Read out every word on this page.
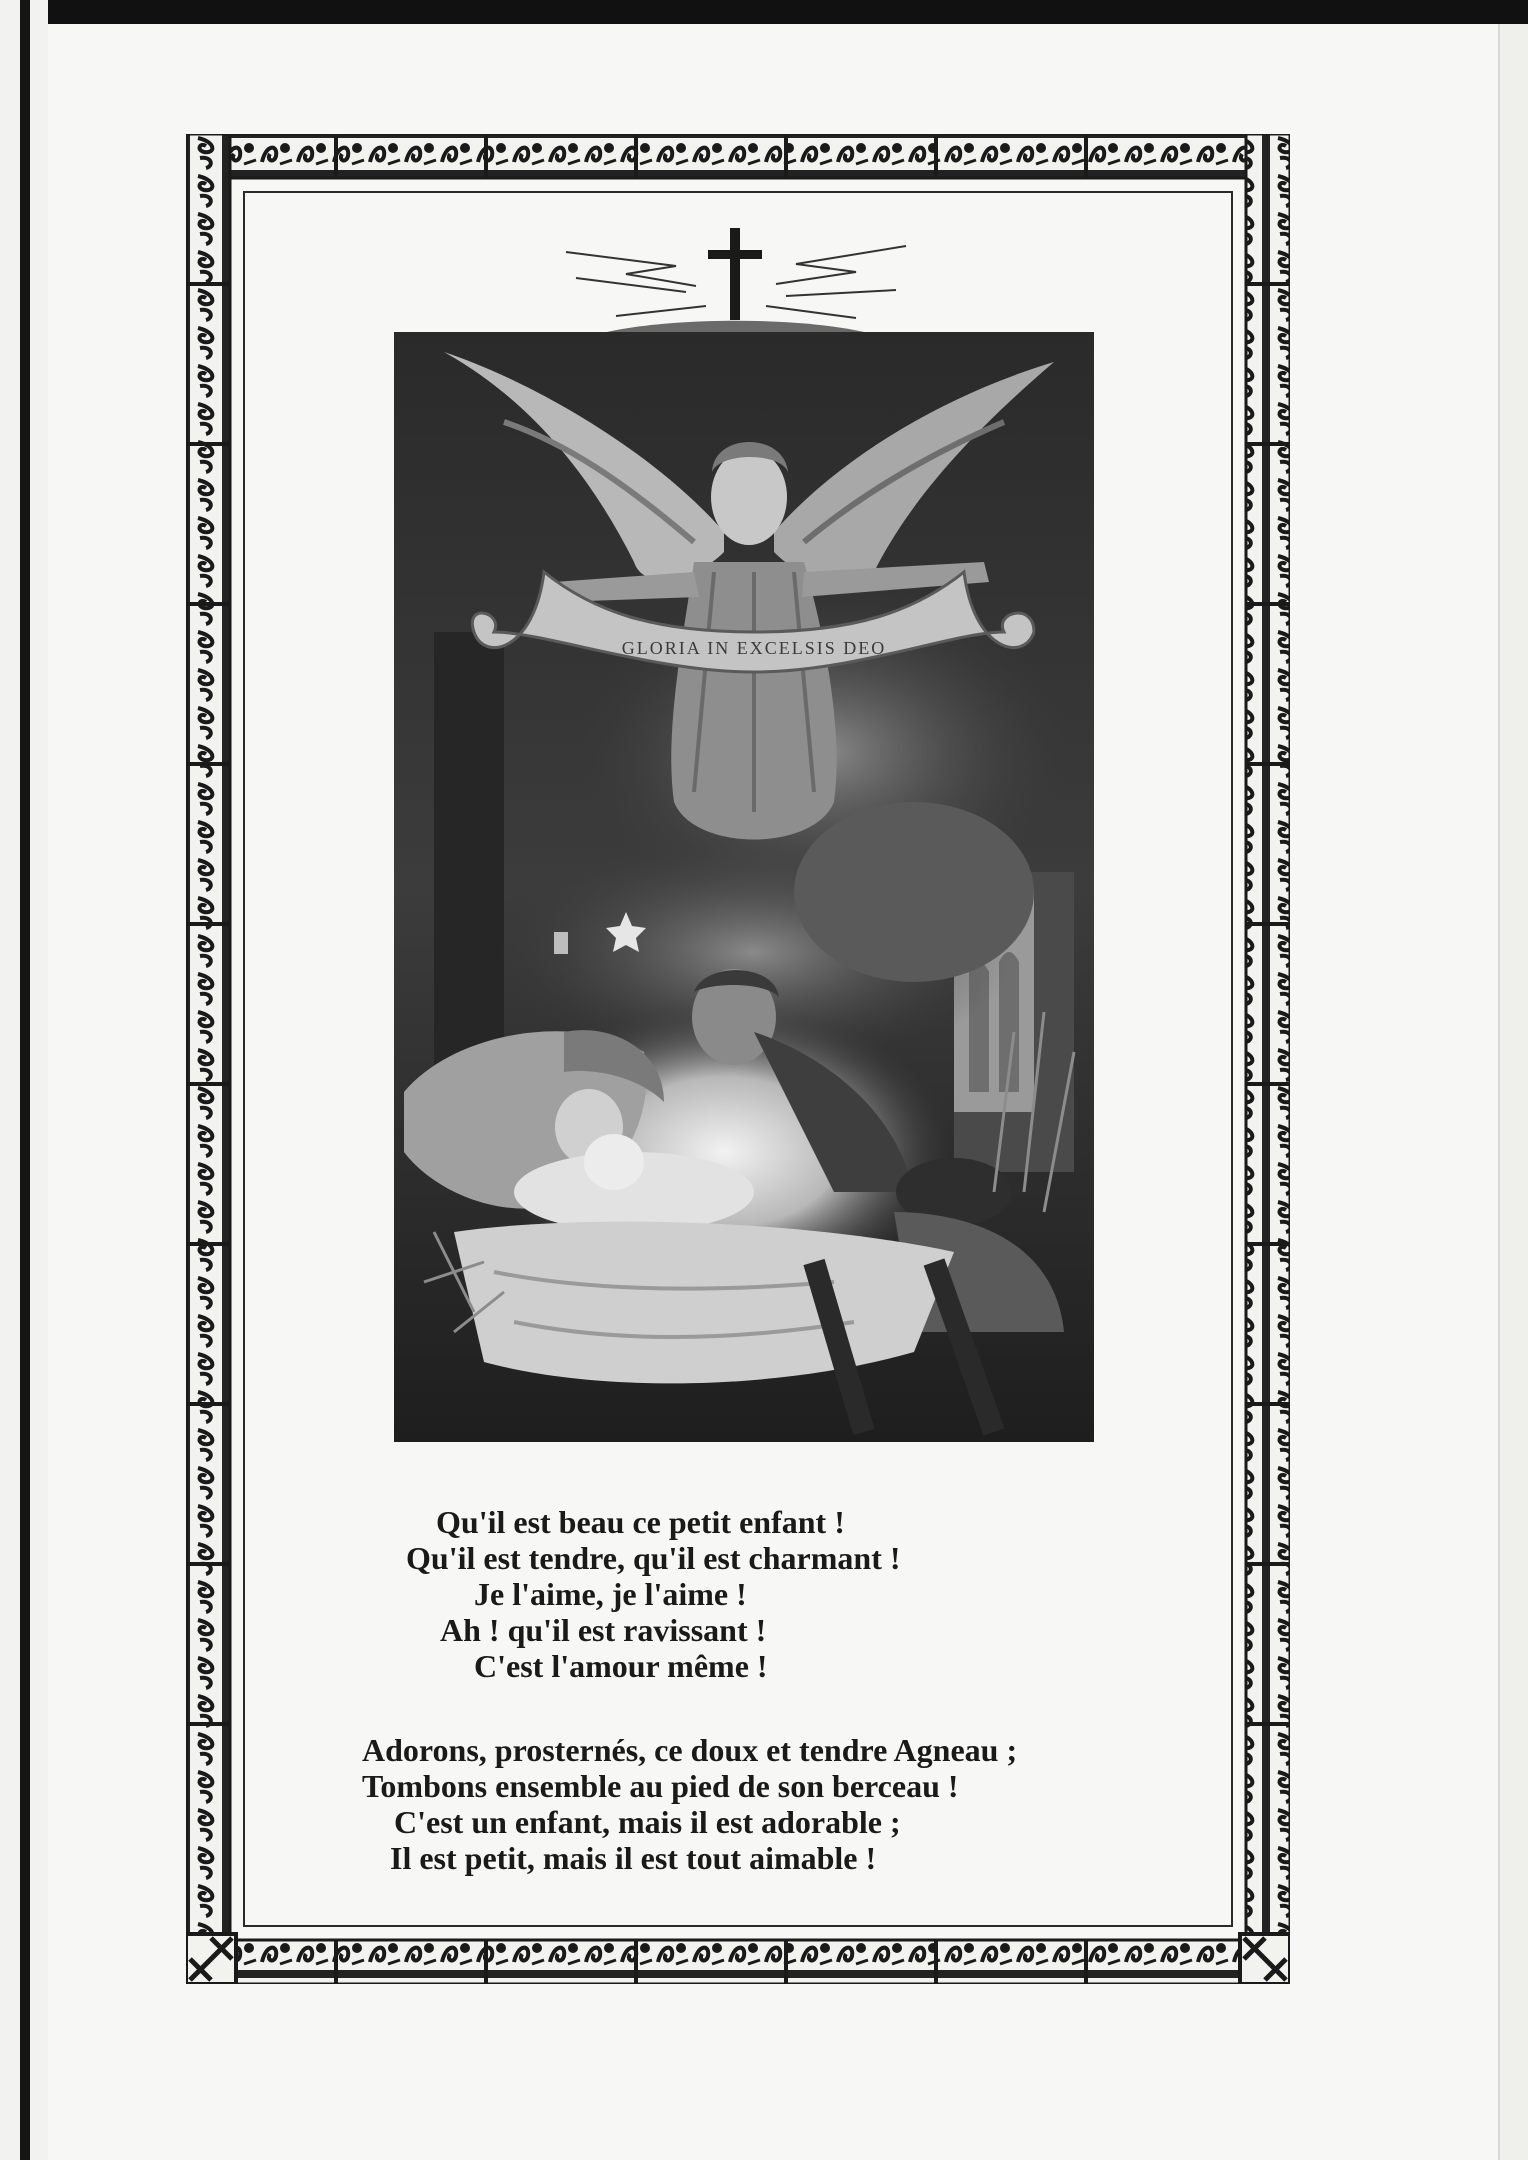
GLORIA IN EXCELSIS DEO
Qu'il est beau ce petit enfant !
Qu'il est tendre, qu'il est charmant !
Je l'aime, je l'aime !
Ah ! qu'il est ravissant !
C'est l'amour même !
Adorons, prosternés, ce doux et tendre Agneau ;
Tombons ensemble au pied de son berceau !
C'est un enfant, mais il est adorable ;
Il est petit, mais il est tout aimable !
